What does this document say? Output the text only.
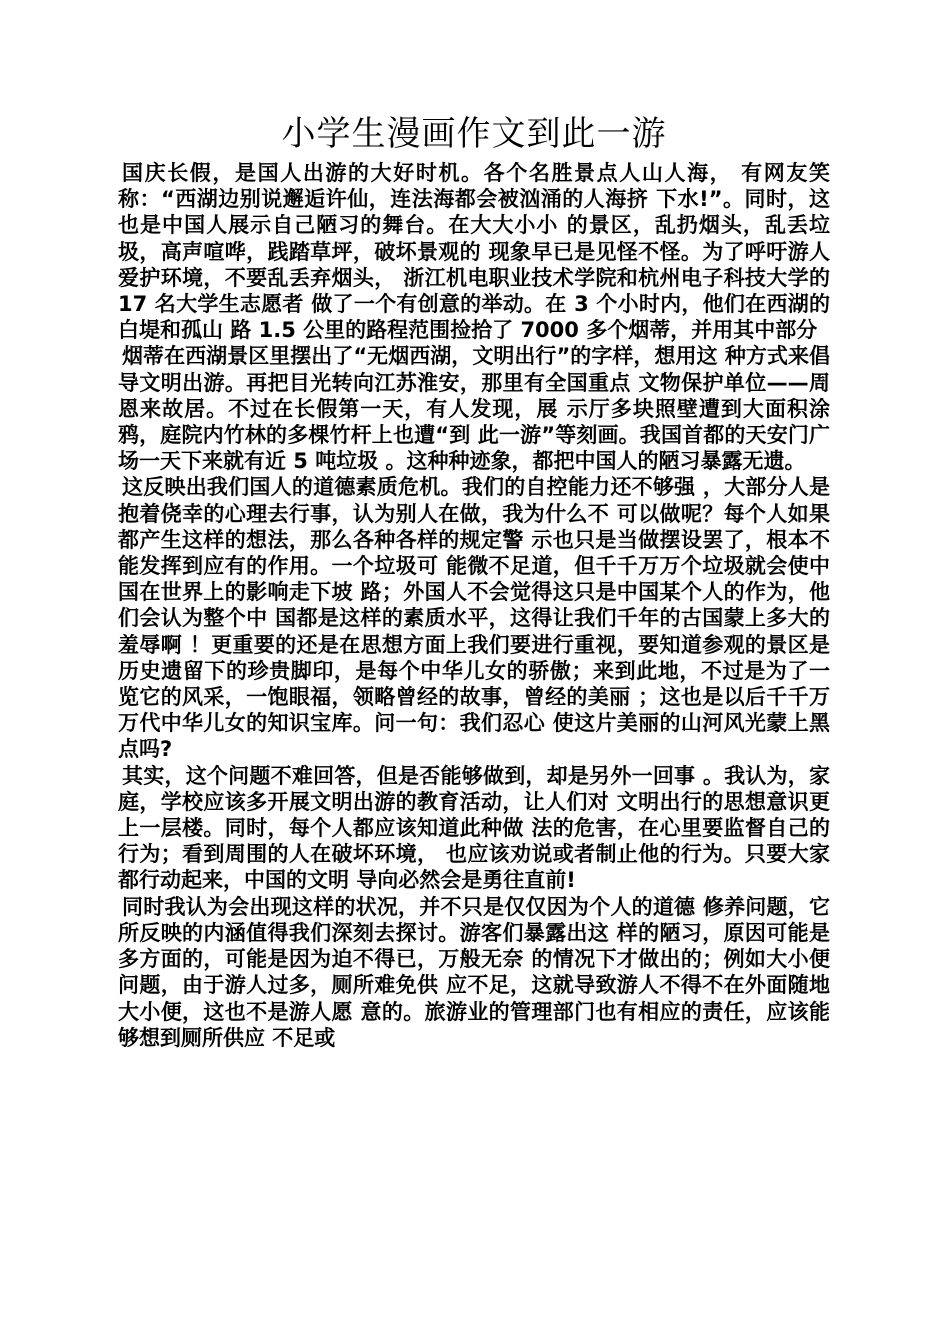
小学生漫画作文到此一游

国庆长假，是国人出游的大好时机。各个名胜景点人山人海， 有网友笑称：“西湖边别说邂逅许仙，连法海都会被汹涌的人海挤 下水!”。同时，这也是中国人展示自己陋习的舞台。在大大小小 的景区，乱扔烟头，乱丢垃圾，高声喧哗，践踏草坪，破坏景观的 现象早已是见怪不怪。为了呼吁游人爱护环境，不要乱丢弃烟头， 浙江机电职业技术学院和杭州电子科技大学的 17 名大学生志愿者 做了一个有创意的举动。在 3 个小时内，他们在西湖的白堤和孤山 路 1.5 公里的路程范围捡拾了 7000 多个烟蒂，并用其中部分

烟蒂在西湖景区里摆出了“无烟西湖，文明出行”的字样，想用这 种方式来倡导文明出游。再把目光转向江苏淮安，那里有全国重点 文物保护单位——周恩来故居。不过在长假第一天，有人发现，展 示厅多块照壁遭到大面积涂鸦，庭院内竹林的多棵竹杆上也遭“到 此一游”等刻画。我国首都的天安门广场一天下来就有近 5 吨垃圾 。这种种迹象，都把中国人的陋习暴露无遗。

这反映出我们国人的道德素质危机。我们的自控能力还不够强 ，大部分人是抱着侥幸的心理去行事，认为别人在做，我为什么不 可以做呢？每个人如果都产生这样的想法，那么各种各样的规定警 示也只是当做摆设罢了，根本不能发挥到应有的作用。一个垃圾可 能微不足道，但千千万万个垃圾就会使中国在世界上的影响走下坡 路；外国人不会觉得这只是中国某个人的作为，他们会认为整个中 国都是这样的素质水平，这得让我们千年的古国蒙上多大的羞辱啊 ！更重要的还是在思想方面上我们要进行重视，要知道参观的景区是历史遗留下的珍贵脚印，是每个中华儿女的骄傲；来到此地，不过是为了一览它的风采，一饱眼福，领略曾经的故事，曾经的美丽 ；这也是以后千千万万代中华儿女的知识宝库。问一句：我们忍心 使这片美丽的山河风光蒙上黑点吗?

其实，这个问题不难回答，但是否能够做到，却是另外一回事 。我认为，家庭，学校应该多开展文明出游的教育活动，让人们对 文明出行的思想意识更上一层楼。同时，每个人都应该知道此种做 法的危害，在心里要监督自己的行为；看到周围的人在破坏环境， 也应该劝说或者制止他的行为。只要大家都行动起来，中国的文明 导向必然会是勇往直前!

同时我认为会出现这样的状况，并不只是仅仅因为个人的道德 修养问题，它所反映的内涵值得我们深刻去探讨。游客们暴露出这 样的陋习，原因可能是多方面的，可能是因为迫不得已，万般无奈 的情况下才做出的；例如大小便问题，由于游人过多，厕所难免供 应不足，这就导致游人不得不在外面随地大小便，这也不是游人愿 意的。旅游业的管理部门也有相应的责任，应该能够想到厕所供应 不足或
